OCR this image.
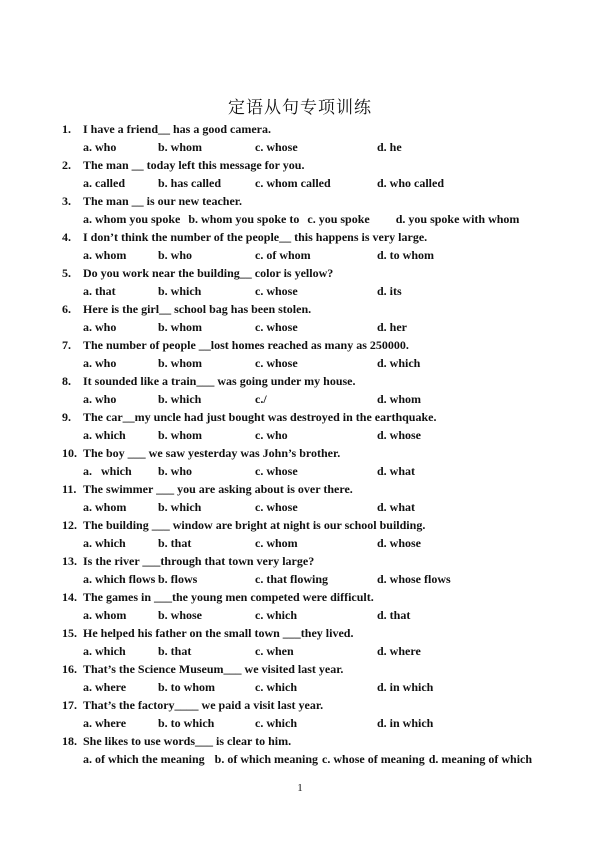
定语从句专项训练
1. I have a friend__ has a good camera.
a. who	b. whom	c. whose	d. he
2. The man __ today left this message for you.
a. called	b. has called	c. whom called	d. who called
3. The man __ is our new teacher.
a. whom you spoke b. whom you spoke to c. you spoke d. you spoke with whom
4. I don’t think the number of the people__ this happens is very large.
a. whom	b. who	c. of whom	d. to whom
5. Do you work near the building__ color is yellow?
a. that	b. which	c. whose	d. its
6. Here is the girl__ school bag has been stolen.
a. who	b. whom	c. whose	d. her
7. The number of people __lost homes reached as many as 250000.
a. who	b. whom	c. whose	d. which
8. It sounded like a train___ was going under my house.
a. who	b. which	c./	d. whom
9. The car__my uncle had just bought was destroyed in the earthquake.
a. which	b. whom	c. who	d. whose
10. The boy ___ we saw yesterday was John’s brother.
a.   which b. who	c. whose	d. what
11. The swimmer ___ you are asking about is over there.
a. whom	b. which	c. whose	d. what
12. The building ___ window are bright at night is our school building.
a. which	b. that	c. whom	d. whose
13. Is the river ___through that town very large?
a. which flows b. flows	c. that flowing	d. whose flows
14. The games in ___the young men competed were difficult.
a. whom	b. whose	c. which	d. that
15. He helped his father on the small town ___they lived.
a. which	b. that	c. when	d. where
16. That’s the Science Museum___ we visited last year.
a. where	b. to whom	c. which	d. in which
17. That’s the factory____ we paid a visit last year.
a. where	b. to which	c. which	d. in which
18. She likes to use words___ is clear to him.
a. of which the meaning b. of which meaning c. whose of meaning d. meaning of which
1
